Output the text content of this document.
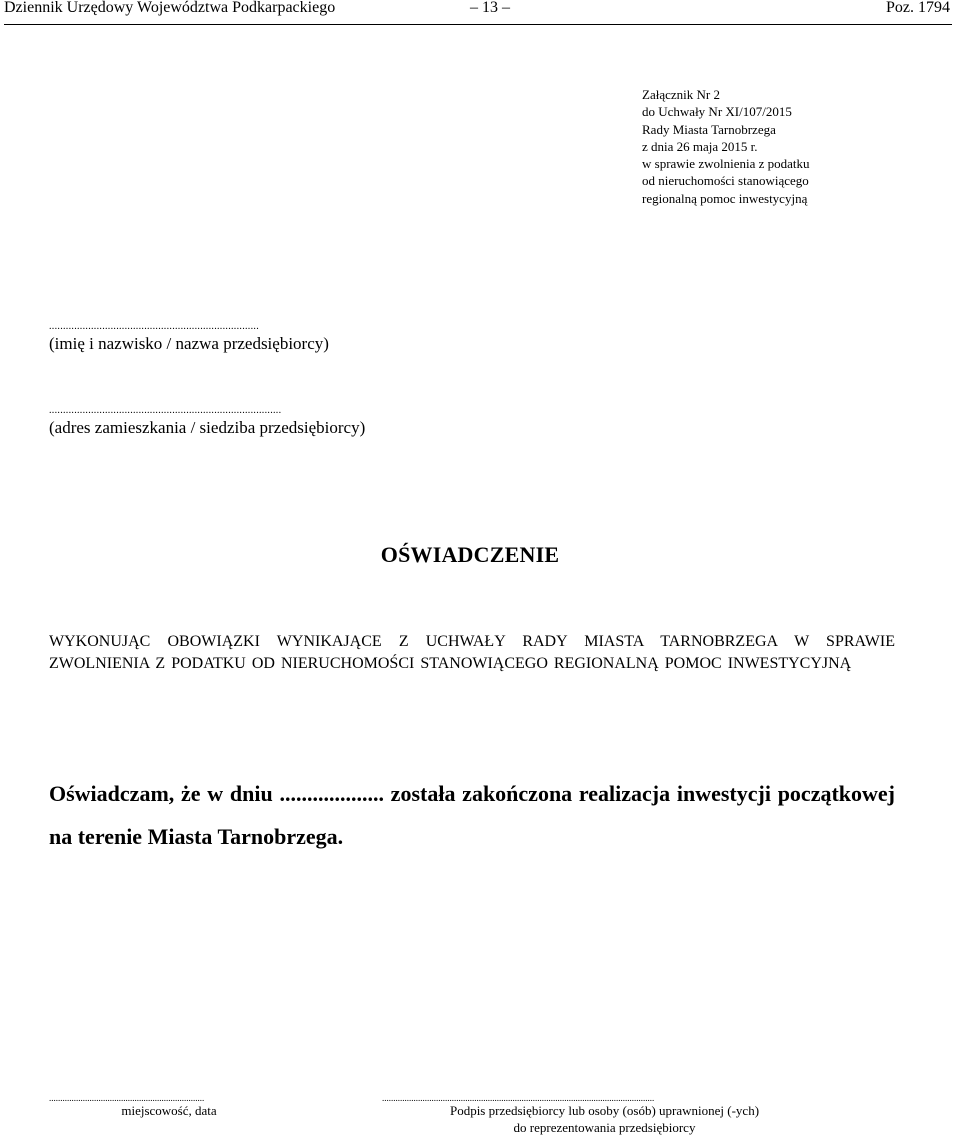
Dziennik Urzędowy Województwa Podkarpackiego	– 13 –	Poz. 1794
Załącznik Nr 2
do Uchwały Nr XI/107/2015
Rady Miasta Tarnobrzega
z dnia 26 maja 2015 r.
w sprawie zwolnienia z podatku
od nieruchomości stanowiącego
regionalną pomoc inwestycyjną
...........................................................................
(imię i nazwisko / nazwa przedsiębiorcy)
...................................................................................
(adres zamieszkania / siedziba przedsiębiorcy)
OŚWIADCZENIE
WYKONUJĄC OBOWIĄZKI WYNIKAJĄCE Z UCHWAŁY RADY MIASTA TARNOBRZEGA W SPRAWIE ZWOLNIENIA Z PODATKU OD NIERUCHOMOŚCI STANOWIĄCEGO REGIONALNĄ POMOC INWESTYCYJNĄ
Oświadczam, że w dniu ................... została zakończona realizacja inwestycji początkowej na terenie Miasta Tarnobrzega.
.....................................................................
miejscowość, data
.........................................................................................................................
Podpis przedsiębiorcy lub osoby (osób) uprawnionej (-ych)
do reprezentowania przedsiębiorcy
